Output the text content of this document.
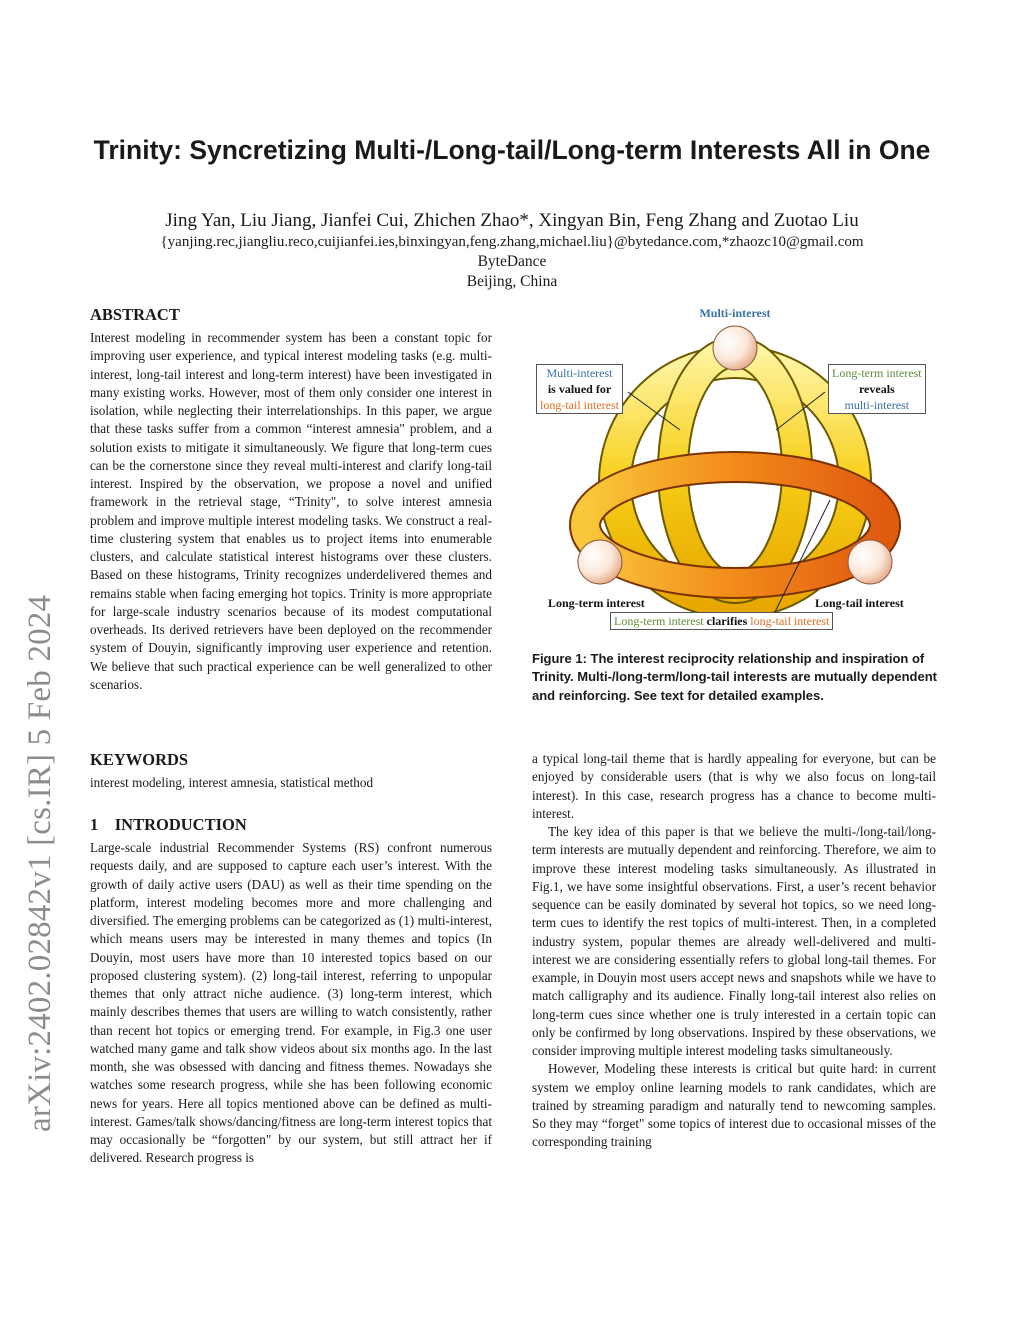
arXiv:2402.02842v1 [cs.IR] 5 Feb 2024
Trinity: Syncretizing Multi-/Long-tail/Long-term Interests All in One
Jing Yan, Liu Jiang, Jianfei Cui, Zhichen Zhao*, Xingyan Bin, Feng Zhang and Zuotao Liu
{yanjing.rec,jiangliu.reco,cuijianfei.ies,binxingyan,feng.zhang,michael.liu}@bytedance.com,*zhaozc10@gmail.com
ByteDance
Beijing, China
ABSTRACT

Interest modeling in recommender system has been a constant topic for improving user experience, and typical interest modeling tasks (e.g. multi-interest, long-tail interest and long-term interest) have been investigated in many existing works. However, most of them only consider one interest in isolation, while neglecting their interrelationships. In this paper, we argue that these tasks suffer from a common “interest amnesia" problem, and a solution exists to mitigate it simultaneously. We figure that long-term cues can be the cornerstone since they reveal multi-interest and clarify long-tail interest. Inspired by the observation, we propose a novel and unified framework in the retrieval stage, “Trinity", to solve interest amnesia problem and improve multiple interest modeling tasks. We construct a real-time clustering system that enables us to project items into enumerable clusters, and calculate statistical interest histograms over these clusters. Based on these histograms, Trinity recognizes underdelivered themes and remains stable when facing emerging hot topics. Trinity is more appropriate for large-scale industry scenarios because of its modest computational overheads. Its derived retrievers have been deployed on the recommender system of Douyin, significantly improving user experience and retention. We believe that such practical experience can be well generalized to other scenarios.

KEYWORDS

interest modeling, interest amnesia, statistical method

1 INTRODUCTION

Large-scale industrial Recommender Systems (RS) confront numerous requests daily, and are supposed to capture each user’s interest. With the growth of daily active users (DAU) as well as their time spending on the platform, interest modeling becomes more and more challenging and diversified. The emerging problems can be categorized as (1) multi-interest, which means users may be interested in many themes and topics (In Douyin, most users have more than 10 interested topics based on our proposed clustering system). (2) long-tail interest, referring to unpopular themes that only attract niche audience. (3) long-term interest, which mainly describes themes that users are willing to watch consistently, rather than recent hot topics or emerging trend. For example, in Fig.3 one user watched many game and talk show videos about six months ago. In the last month, she was obsessed with dancing and fitness themes. Nowadays she watches some research progress, while she has been following economic news for years. Here all topics mentioned above can be defined as multi-interest. Games/talk shows/dancing/fitness are long-term interest topics that may occasionally be “forgotten" by our system, but still attract her if delivered. Research progress is

Multi-interest
Multi-interest
is valued for
long-tail interest
Long-term interest
reveals
multi-interest
Long-term interest	Long-tail interest
Long-term interest clarifies long-tail interest
Figure 1: The interest reciprocity relationship and inspiration of Trinity. Multi-/long-term/long-tail interests are mutually dependent and reinforcing. See text for detailed examples.

a typical long-tail theme that is hardly appealing for everyone, but can be enjoyed by considerable users (that is why we also focus on long-tail interest). In this case, research progress has a chance to become multi-interest.

The key idea of this paper is that we believe the multi-/long-tail/long-term interests are mutually dependent and reinforcing. Therefore, we aim to improve these interest modeling tasks simultaneously. As illustrated in Fig.1, we have some insightful observations. First, a user’s recent behavior sequence can be easily dominated by several hot topics, so we need long-term cues to identify the rest topics of multi-interest. Then, in a completed industry system, popular themes are already well-delivered and multi-interest we are considering essentially refers to global long-tail themes. For example, in Douyin most users accept news and snapshots while we have to match calligraphy and its audience. Finally long-tail interest also relies on long-term cues since whether one is truly interested in a certain topic can only be confirmed by long observations. Inspired by these observations, we consider improving multiple interest modeling tasks simultaneously.

However, Modeling these interests is critical but quite hard: in current system we employ online learning models to rank candidates, which are trained by streaming paradigm and naturally tend to newcoming samples. So they may “forget" some topics of interest due to occasional misses of the corresponding training
